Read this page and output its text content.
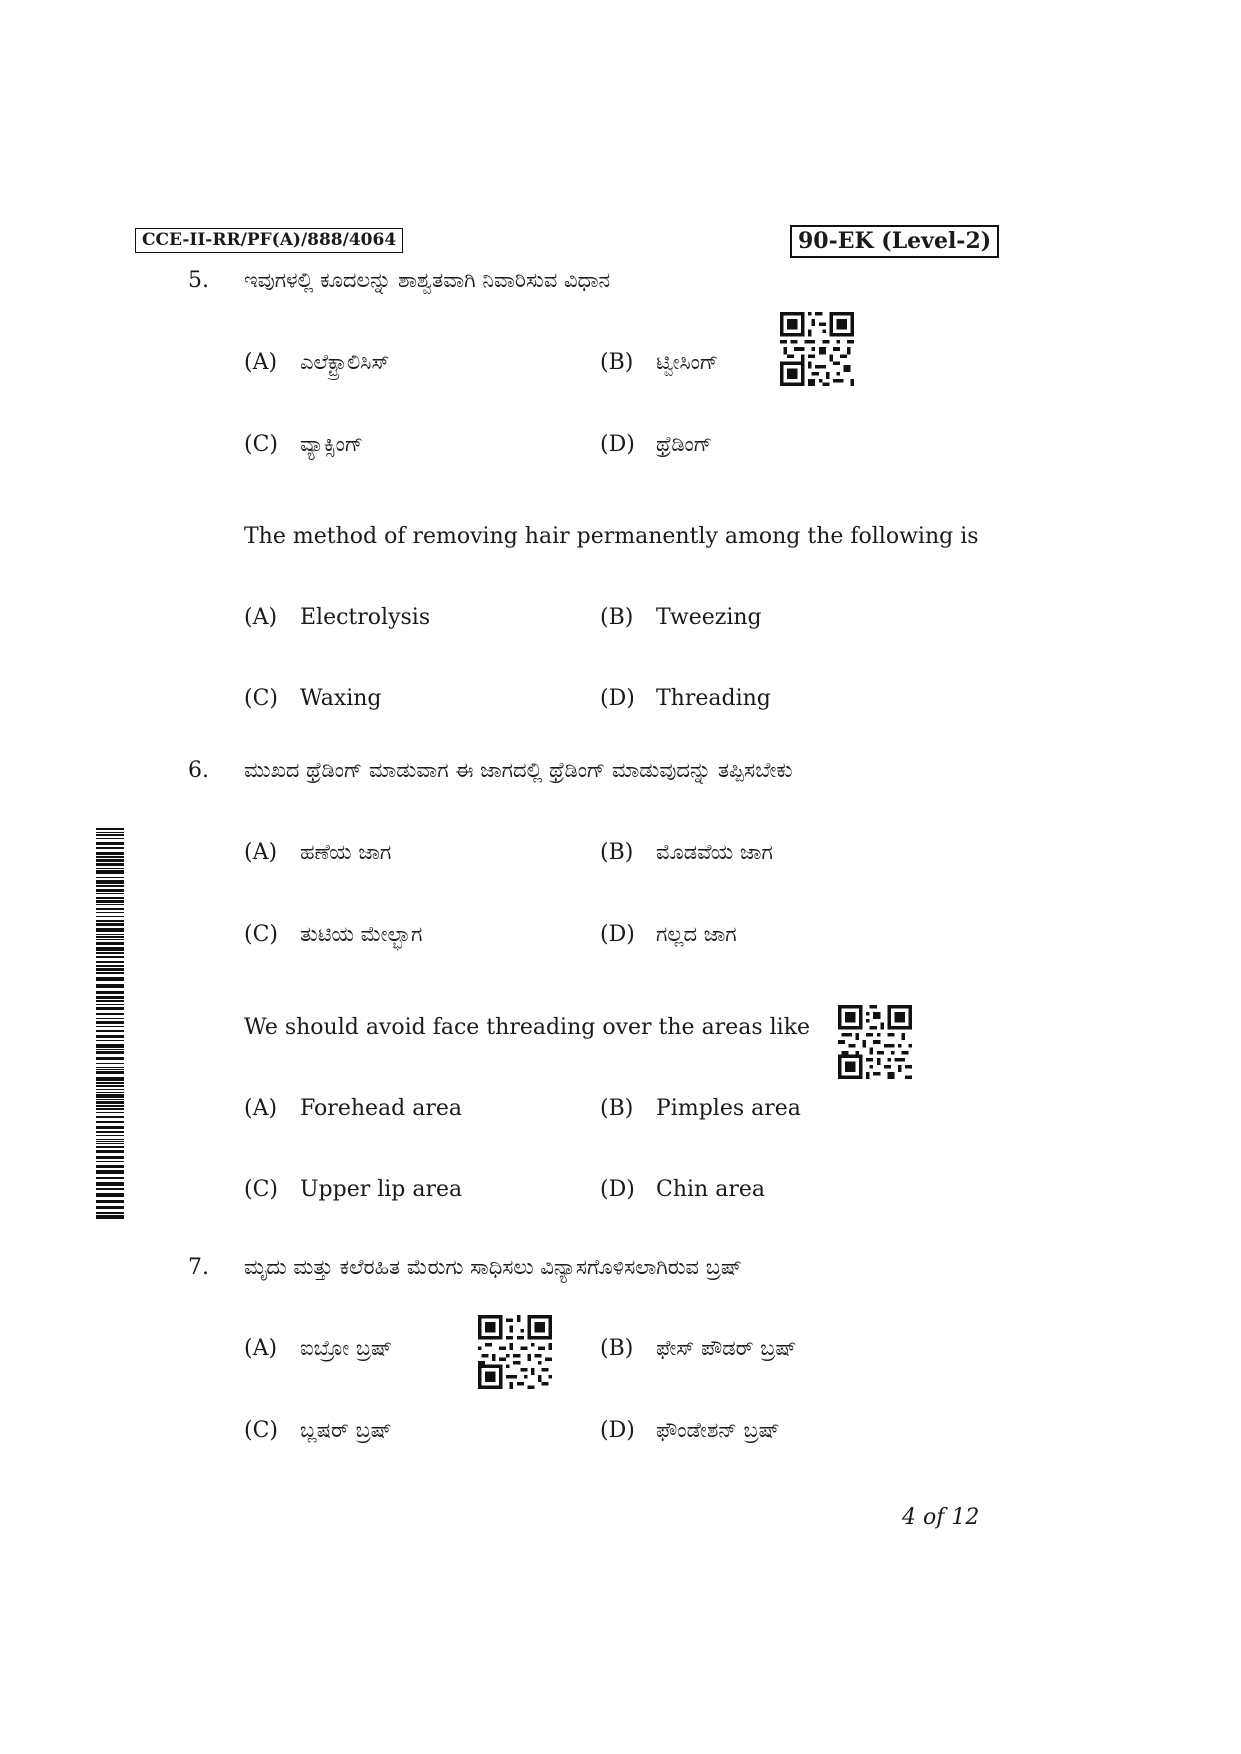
CCE-II-RR/PF(A)/888/4064	90-EK (Level-2)
5. ಇವುಗಳಲ್ಲಿ ಕೂದಲನ್ನು ಶಾಶ್ವತವಾಗಿ ನಿವಾರಿಸುವ ವಿಧಾನ
(A) ಎಲೆಕ್ಟ್ರಾಲಿಸಿಸ್	(B) ಟ್ವೀಸಿಂಗ್
(C) ವ್ಯಾಕ್ಸಿಂಗ್	(D) ಥ್ರೆಡಿಂಗ್
The method of removing hair permanently among the following is
(A) Electrolysis	(B) Tweezing
(C) Waxing	(D) Threading
6. ಮುಖದ ಥ್ರೆಡಿಂಗ್ ಮಾಡುವಾಗ ಈ ಜಾಗದಲ್ಲಿ ಥ್ರೆಡಿಂಗ್ ಮಾಡುವುದನ್ನು ತಪ್ಪಿಸಬೇಕು
(A) ಹಣೆಯ ಜಾಗ	(B) ಮೊಡವೆಯ ಜಾಗ
(C) ತುಟಿಯ ಮೇಲ್ಭಾಗ	(D) ಗಲ್ಲದ ಜಾಗ
We should avoid face threading over the areas like
(A) Forehead area	(B) Pimples area
(C) Upper lip area	(D) Chin area
7. ಮೃದು ಮತ್ತು ಕಲೆರಹಿತ ಮೆರುಗು ಸಾಧಿಸಲು ವಿನ್ಯಾಸಗೊಳಿಸಲಾಗಿರುವ ಬ್ರಷ್
(A) ಐಬ್ರೋ ಬ್ರಷ್	(B) ಫೇಸ್ ಪೌಡರ್ ಬ್ರಷ್
(C) ಬ್ಲಷರ್ ಬ್ರಷ್	(D) ಫೌಂಡೇಶನ್ ಬ್ರಷ್
4 of 12
